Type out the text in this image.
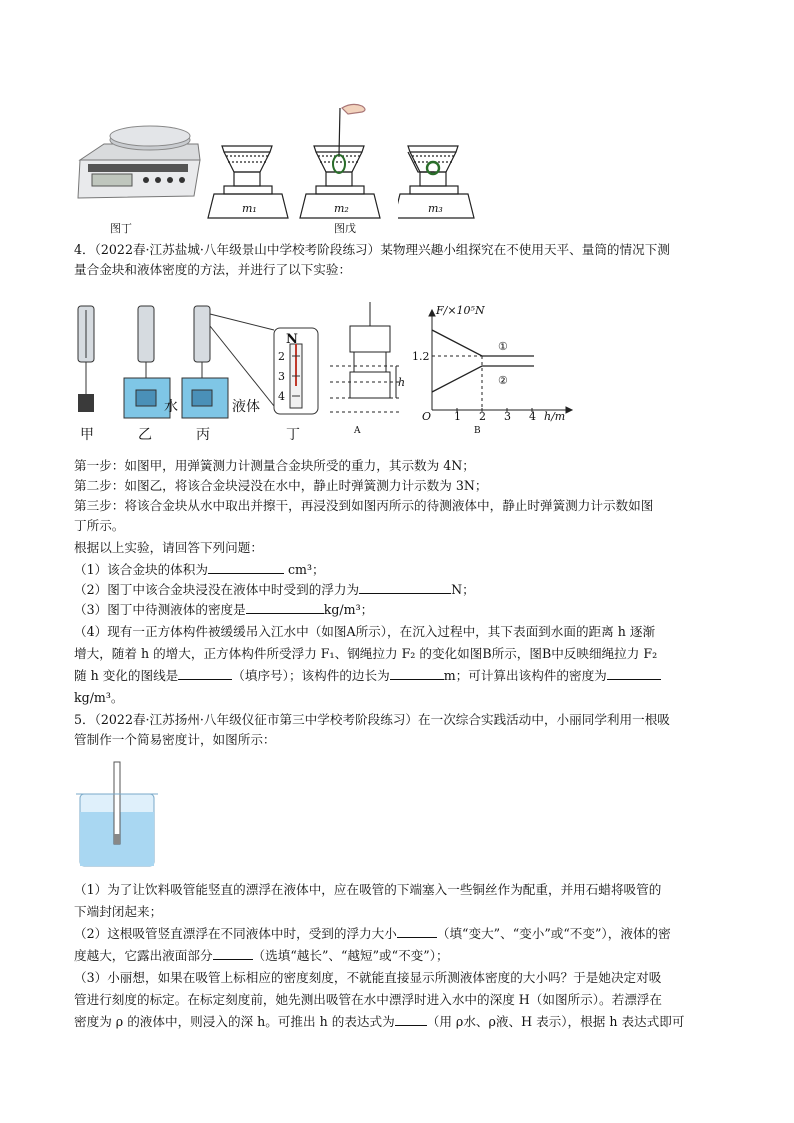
m₁	m₂	m₃
图丁	图戊
4．（2022春·江苏盐城·八年级景山中学校考阶段练习）某物理兴趣小组探究在不使用天平、量筒的情况下测
量合金块和液体密度的方法，并进行了以下实验：
水	液体
甲	乙	丙	丁
N
2
3
4
h
A
F/×10⁵N
1.2
①
②
O 1 2 3 4 h/m
B
第一步：如图甲，用弹簧测力计测量合金块所受的重力，其示数为 4N；
第二步：如图乙，将该合金块浸没在水中，静止时弹簧测力计示数为 3N；
第三步：将该合金块从水中取出并擦干，再浸没到如图丙所示的待测液体中，静止时弹簧测力计示数如图
丁所示。
根据以上实验，请回答下列问题：
（1）该合金块的体积为	cm³；
（2）图丁中该合金块浸没在液体中时受到的浮力为	N；
（3）图丁中待测液体的密度是	kg/m³；
（4）现有一正方体构件被缓缓吊入江水中（如图A所示），在沉入过程中，其下表面到水面的距离 h 逐渐
增大，随着 h 的增大，正方体构件所受浮力 F₁、钢绳拉力 F₂ 的变化如图B所示，图B中反映细绳拉力 F₂
随 h 变化的图线是	（填序号）；该构件的边长为	m；可计算出该构件的密度为
kg/m³。
5．（2022春·江苏扬州·八年级仪征市第三中学校考阶段练习）在一次综合实践活动中，小丽同学利用一根吸
管制作一个简易密度计，如图所示：
（1）为了让饮料吸管能竖直的漂浮在液体中，应在吸管的下端塞入一些铜丝作为配重，并用石蜡将吸管的
下端封闭起来；
（2）这根吸管竖直漂浮在不同液体中时，受到的浮力大小	（填“变大”、“变小”或“不变”），液体的密
度越大，它露出液面部分	（选填“越长”、“越短”或“不变”）；
（3）小丽想，如果在吸管上标相应的密度刻度，不就能直接显示所测液体密度的大小吗？于是她决定对吸
管进行刻度的标定。在标定刻度前，她先测出吸管在水中漂浮时进入水中的深度 H（如图所示）。若漂浮在
密度为 ρ 的液体中，则浸入的深 h。可推出 h 的表达式为	（用 ρ水、ρ液、H 表示），根据 h 表达式即可
